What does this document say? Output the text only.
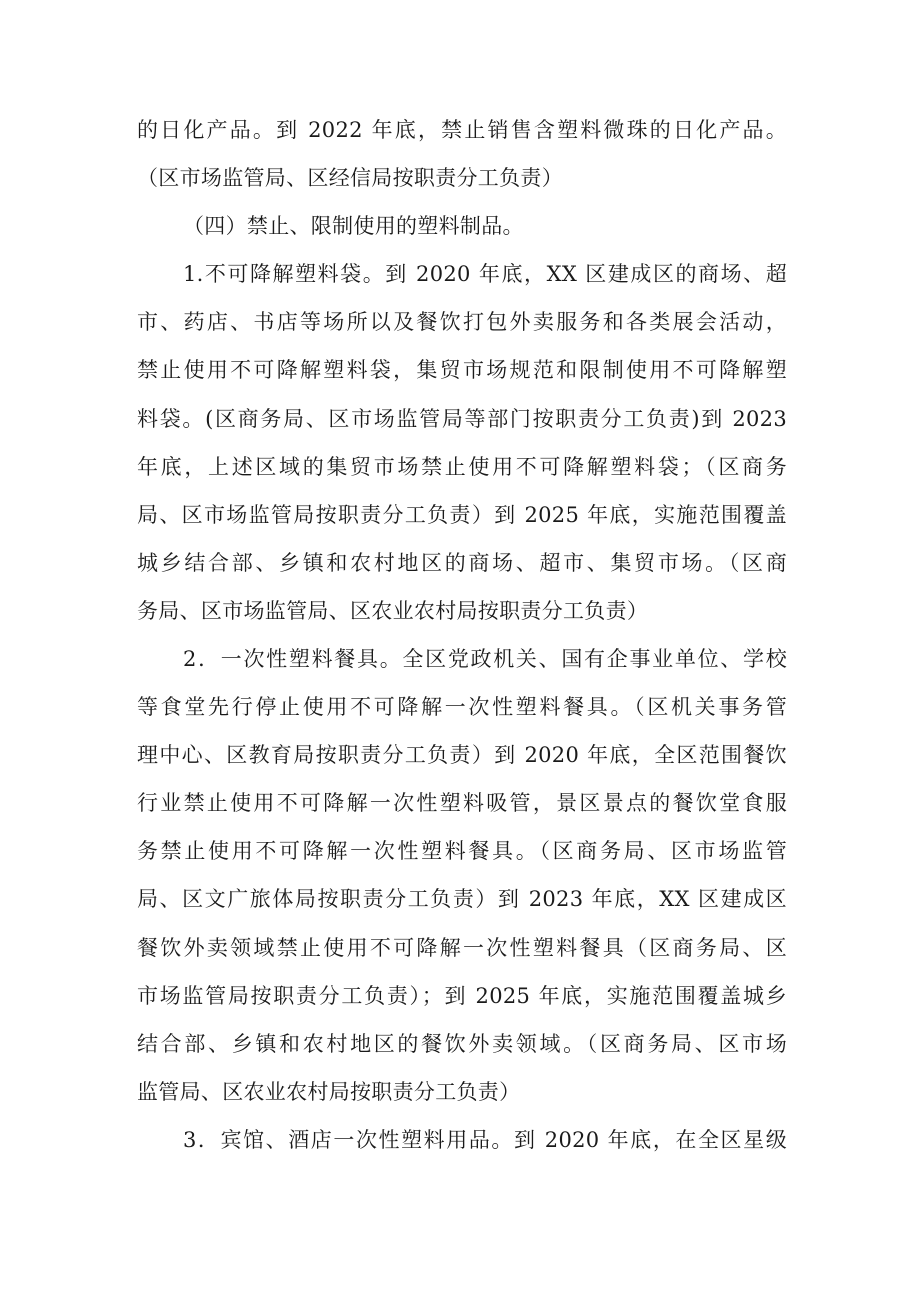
的日化产品。到 2022 年底，禁止销售含塑料微珠的日化产品。
（区市场监管局、区经信局按职责分工负责）
（四）禁止、限制使用的塑料制品。
1.不可降解塑料袋。到 2020 年底，XX 区建成区的商场、超
市、药店、书店等场所以及餐饮打包外卖服务和各类展会活动，
禁止使用不可降解塑料袋，集贸市场规范和限制使用不可降解塑
料袋。(区商务局、区市场监管局等部门按职责分工负责)到 2023
年底，上述区域的集贸市场禁止使用不可降解塑料袋；（区商务
局、区市场监管局按职责分工负责）到 2025 年底，实施范围覆盖
城乡结合部、乡镇和农村地区的商场、超市、集贸市场。（区商
务局、区市场监管局、区农业农村局按职责分工负责）
2．一次性塑料餐具。全区党政机关、国有企事业单位、学校
等食堂先行停止使用不可降解一次性塑料餐具。（区机关事务管
理中心、区教育局按职责分工负责）到 2020 年底，全区范围餐饮
行业禁止使用不可降解一次性塑料吸管，景区景点的餐饮堂食服
务禁止使用不可降解一次性塑料餐具。（区商务局、区市场监管
局、区文广旅体局按职责分工负责）到 2023 年底，XX 区建成区
餐饮外卖领域禁止使用不可降解一次性塑料餐具（区商务局、区
市场监管局按职责分工负责）；到 2025 年底，实施范围覆盖城乡
结合部、乡镇和农村地区的餐饮外卖领域。（区商务局、区市场
监管局、区农业农村局按职责分工负责）
3．宾馆、酒店一次性塑料用品。到 2020 年底，在全区星级
